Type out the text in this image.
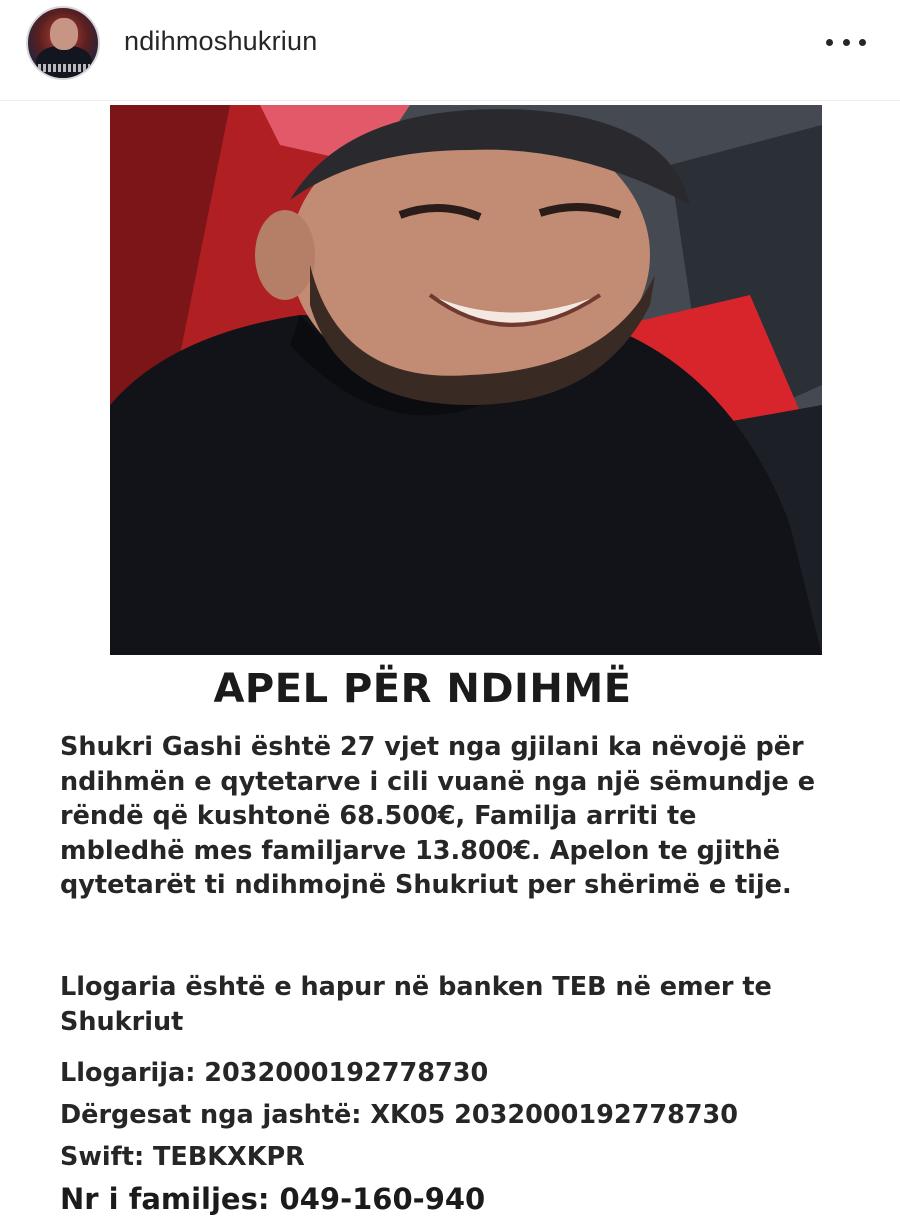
ndihmoshukriun
APEL PËR NDIHMË
Shukri Gashi është 27 vjet nga gjilani ka nëvojë për
ndihmën e qytetarve i cili vuanë nga një sëmundje e
rëndë që kushtonë 68.500€, Familja arriti te
mbledhë mes familjarve 13.800€. Apelon te gjithë
qytetarët ti ndihmojnë Shukriut per shërimë e tije.
Llogaria është e hapur në banken TEB në emer te
Shukriut
Llogarija: 2032000192778730
Dërgesat nga jashtë: XK05 2032000192778730
Swift: TEBKXKPR
Nr i familjes: 049-160-940
